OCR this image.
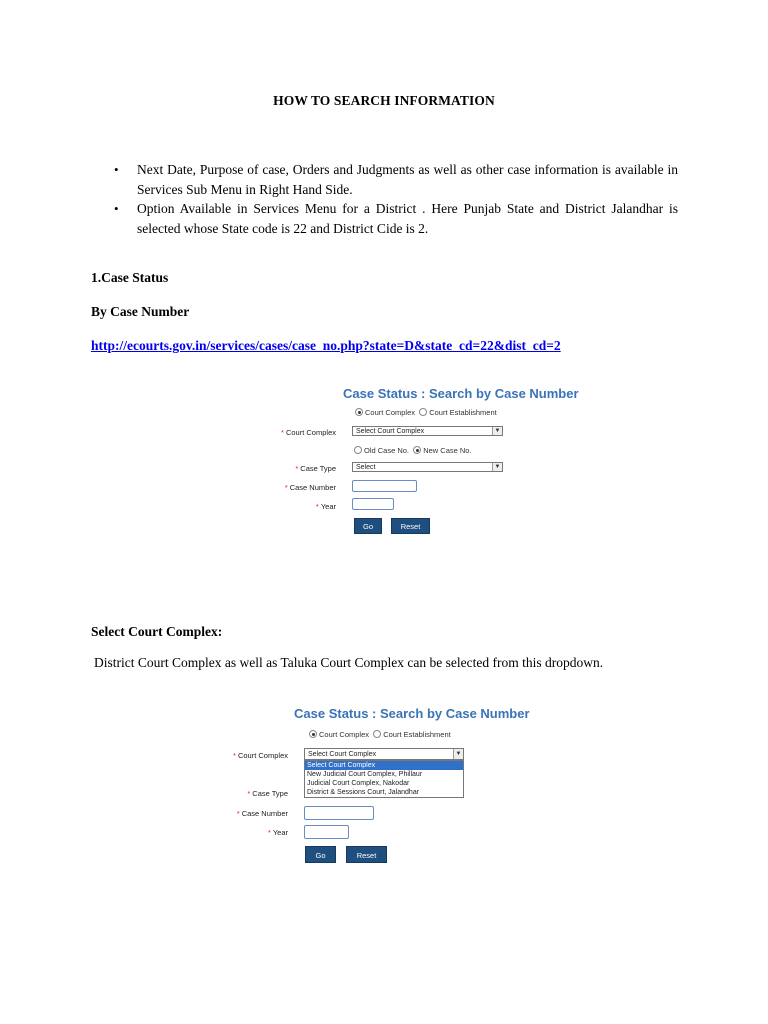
HOW TO SEARCH INFORMATION
• Next Date, Purpose of case, Orders and Judgments as well as other case information is available in Services Sub Menu in Right Hand Side.
• Option Available in Services Menu for a District . Here Punjab State and District Jalandhar is selected whose State code is 22 and District Cide is 2.
1.Case Status
By Case Number
http://ecourts.gov.in/services/cases/case_no.php?state=D&state_cd=22&dist_cd=2
Case Status : Search by Case Number
Court Complex Court Establishment
* Court Complex	Select Court Complex	▼
Old Case No. New Case No.
* Case Type	Select	▼
* Case Number
* Year
Go	Reset
Select Court Complex:
District Court Complex as well as Taluka Court Complex can be selected from this dropdown.
Case Status : Search by Case Number
Court Complex Court Establishment
* Court Complex	Select Court Complex	▼
Select Court Complex
New Judicial Court Complex, Phillaur
Judicial Court Complex, Nakodar
District & Sessions Court, Jalandhar
* Case Type
* Case Number
* Year
Go	Reset
